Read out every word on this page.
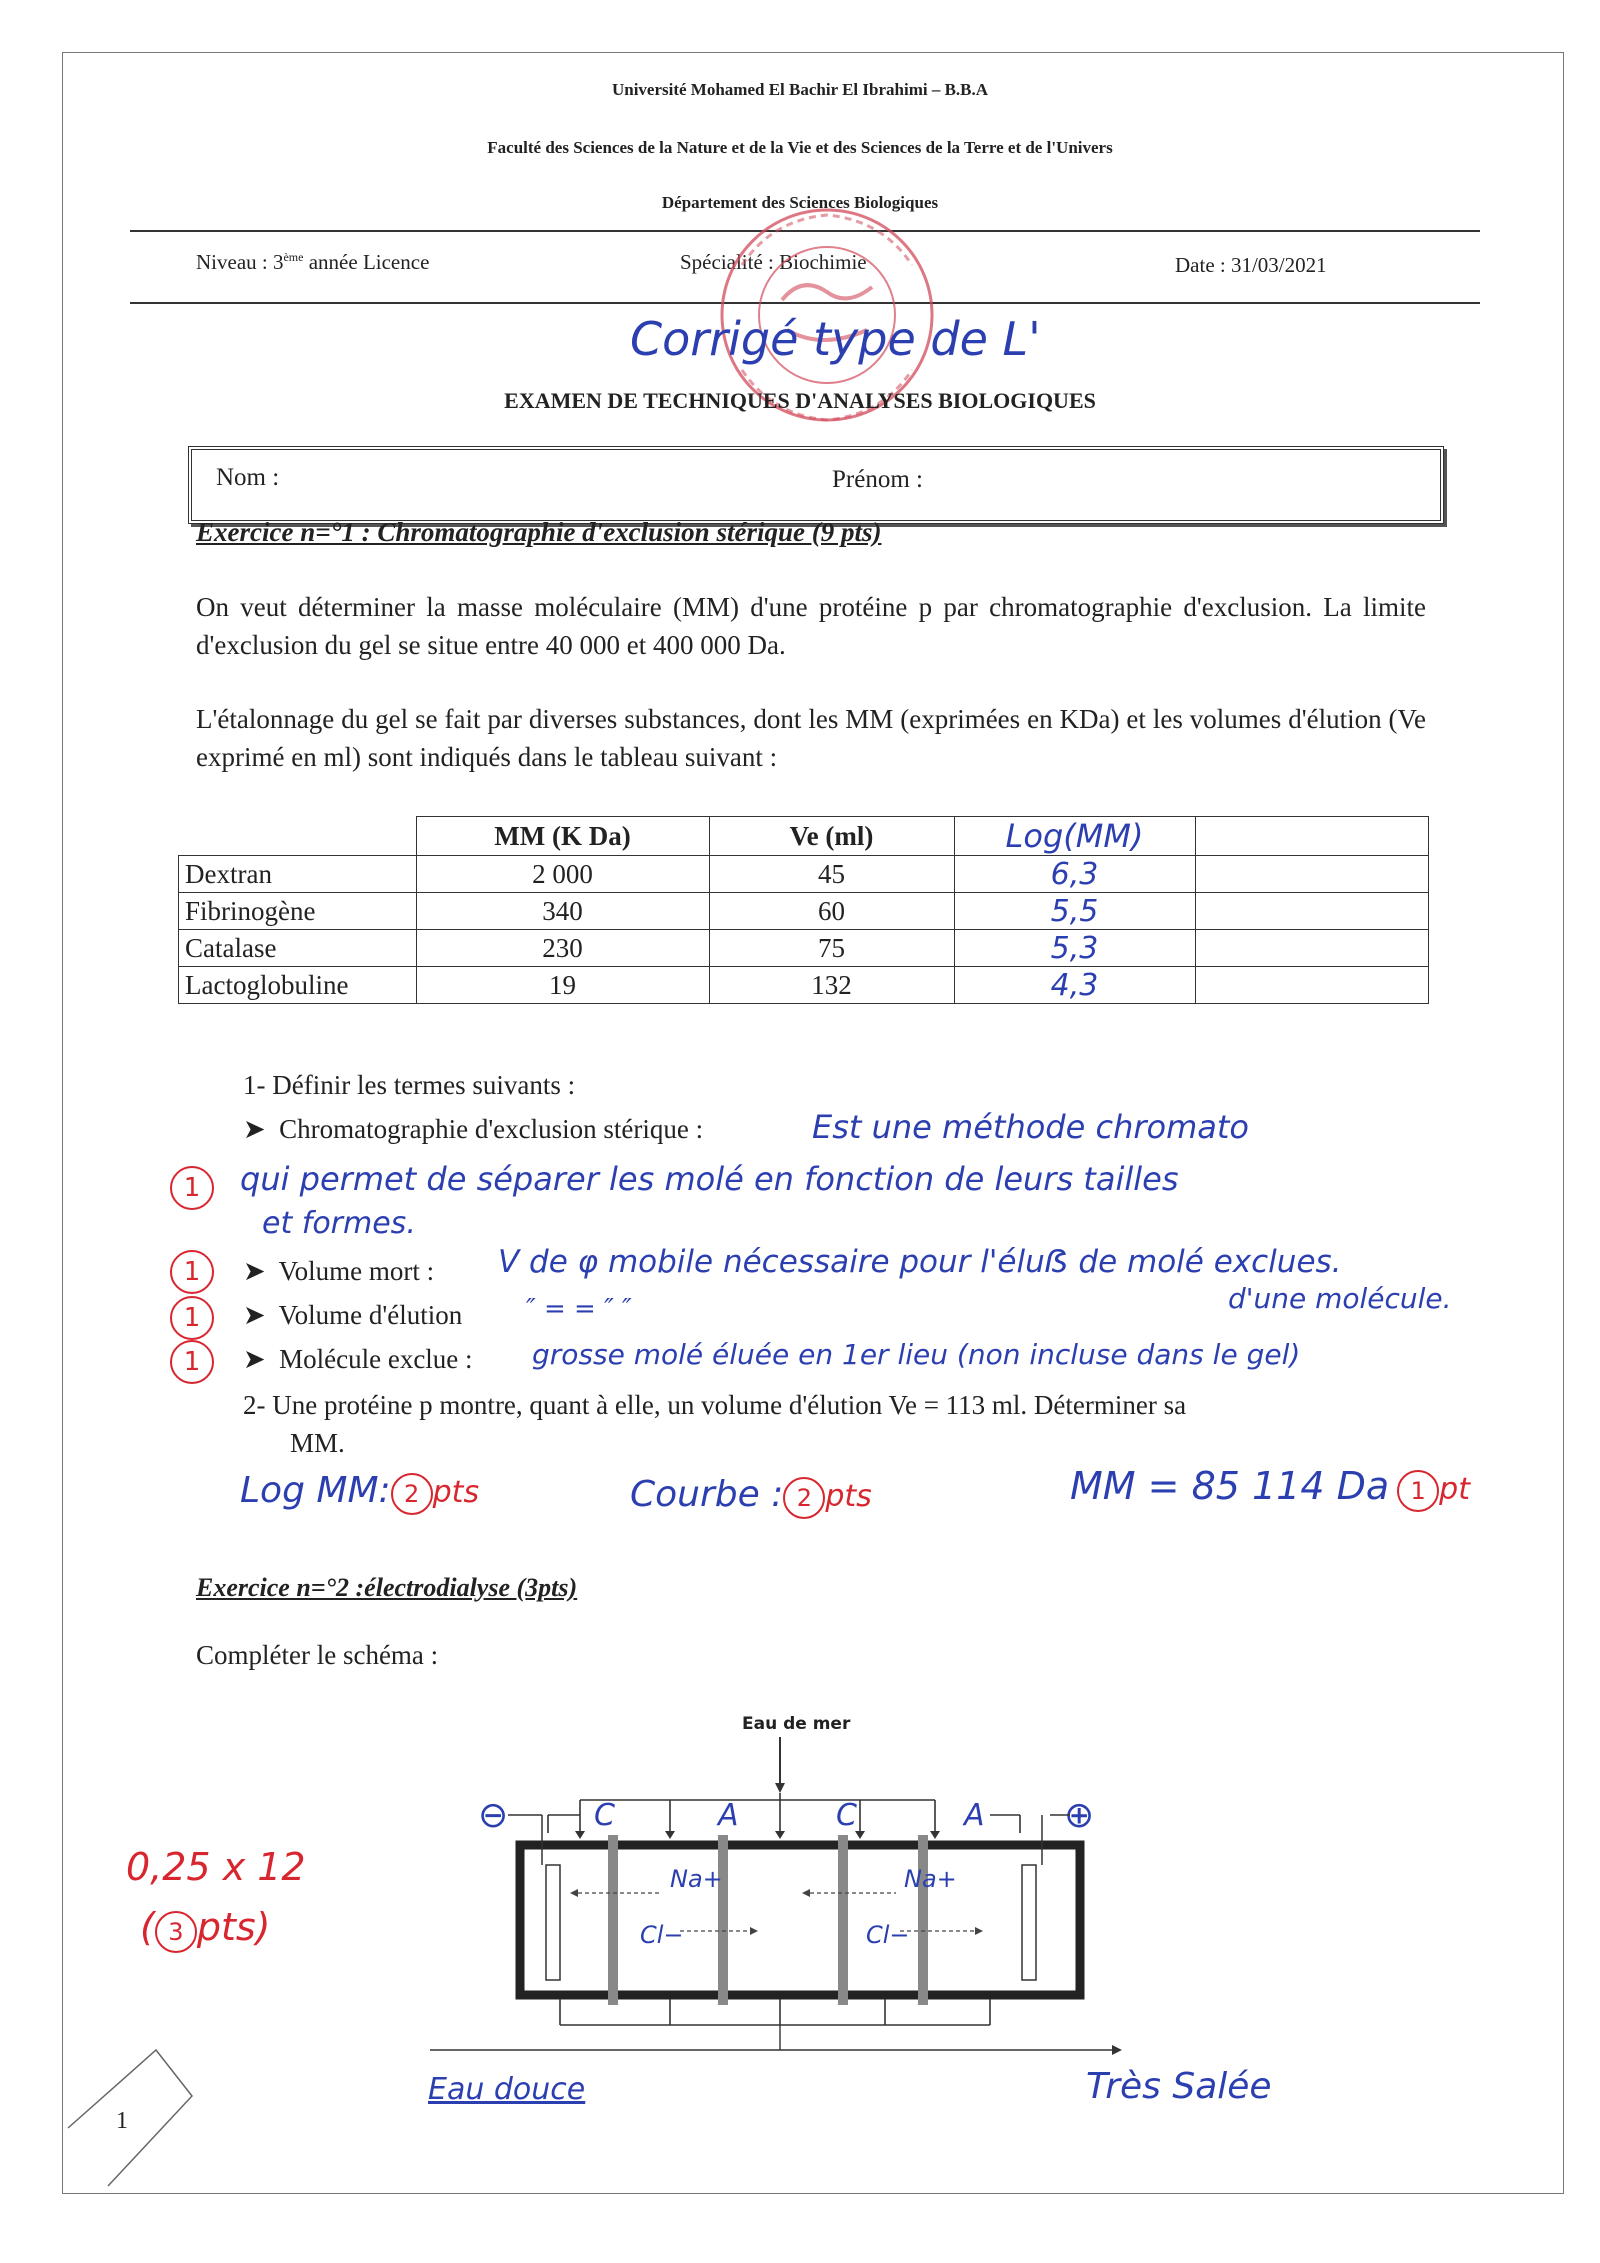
Université Mohamed El Bachir El Ibrahimi – B.B.A
Faculté des Sciences de la Nature et de la Vie et des Sciences de la Terre et de l'Univers
Département des Sciences Biologiques
Niveau : 3ème année Licence	Spécialité : Biochimie	Date : 31/03/2021
Corrigé type de L'
EXAMEN DE TECHNIQUES D'ANALYSES BIOLOGIQUES
Nom :	Prénom :
Exercice n=°1 : Chromatographie d'exclusion stérique (9 pts)
On veut déterminer la masse moléculaire (MM) d'une protéine p par chromatographie d'exclusion. La limite d'exclusion du gel se situe entre 40 000 et 400 000 Da.
L'étalonnage du gel se fait par diverses substances, dont les MM (exprimées en KDa) et les volumes d'élution (Ve exprimé en ml) sont indiqués dans le tableau suivant :
	MM (K Da)	Ve (ml)	Log(MM)	
Dextran	2 000	45	6,3	
Fibrinogène	340	60	5,5	
Catalase	230	75	5,3	
Lactoglobuline	19	132	4,3	
1- Définir les termes suivants :
➤ Chromatographie d'exclusion stérique :	Est une méthode chromato
1	qui permet de séparer les molé en fonction de leurs tailles
et formes.
1	➤ Volume mort : V de φ mobile nécessaire pour l'éluẞ de molé exclues.
d'une molécule.
1	➤ Volume d'élution ″ = = ″ ″
1	➤ Molécule exclue : grosse molé éluée en 1er lieu (non incluse dans le gel)
2- Une protéine p montre, quant à elle, un volume d'élution Ve = 113 ml. Déterminer sa
MM.
Log MM: 2 pts	Courbe : 2 pts	MM = 85 114 Da 1 pt
Exercice n=°2 :électrodialyse (3pts)
Compléter le schéma :
0,25 x 12
( 3 pts)
Eau de mer
C	A	C	A
⊖	⊕
Na+	Na+
Cl−	Cl−
Eau douce	Très Salée
1
